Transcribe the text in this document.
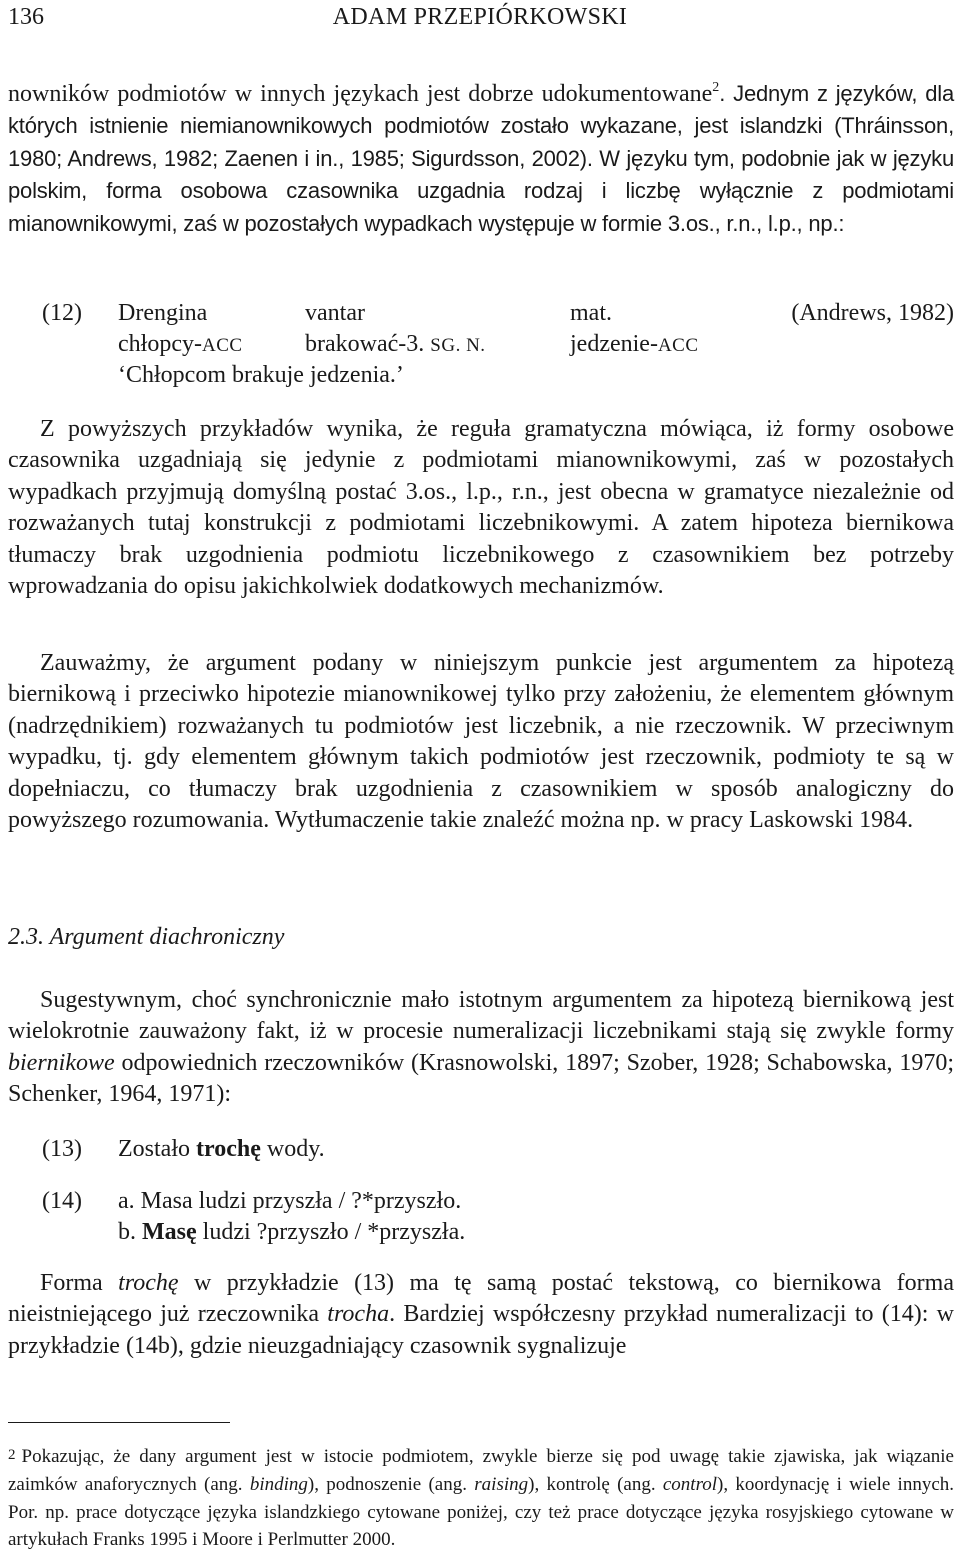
136	ADAM PRZEPIÓRKOWSKI
nowników podmiotów w innych językach jest dobrze udokumentowane$^2$. Jednym z języków, dla których istnienie niemianownikowych podmiotów zostało wykazane, jest islandzki (Thráinsson, 1980; Andrews, 1982; Zaenen i in., 1985; Sigurdsson, 2002). W języku tym, podobnie jak w języku polskim, forma osobowa czasownika uzgadnia rodzaj i liczbę wyłącznie z podmiotami mianownikowymi, zaś w pozostałych wypadkach występuje w formie 3.os., r.n., l.p., np.:
(12) Drengina	vantar	mat.	(Andrews, 1982)
chłopcy-ACC	brakować-3. SG. N.	jedzenie-ACC
‘Chłopcom brakuje jedzenia.’
Z powyższych przykładów wynika, że reguła gramatyczna mówiąca, iż formy osobowe czasownika uzgadniają się jedynie z podmiotami mianownikowymi, zaś w pozostałych wypadkach przyjmują domyślną postać 3.os., l.p., r.n., jest obecna w gramatyce niezależnie od rozważanych tutaj konstrukcji z podmiotami liczebnikowymi. A zatem hipoteza biernikowa tłumaczy brak uzgodnienia podmiotu liczebnikowego z czasownikiem bez potrzeby wprowadzania do opisu jakichkolwiek dodatkowych mechanizmów.
Zauważmy, że argument podany w niniejszym punkcie jest argumentem za hipotezą biernikową i przeciwko hipotezie mianownikowej tylko przy założeniu, że elementem głównym (nadrzędnikiem) rozważanych tu podmiotów jest liczebnik, a nie rzeczownik. W przeciwnym wypadku, tj. gdy elementem głównym takich podmiotów jest rzeczownik, podmioty te są w dopełniaczu, co tłumaczy brak uzgodnienia z czasownikiem w sposób analogiczny do powyższego rozumowania. Wytłumaczenie takie znaleźć można np. w pracy Laskowski 1984.
2.3. Argument diachroniczny
Sugestywnym, choć synchronicznie mało istotnym argumentem za hipotezą biernikową jest wielokrotnie zauważony fakt, iż w procesie numeralizacji liczebnikami stają się zwykle formy biernikowe odpowiednich rzeczowników (Krasnowolski, 1897; Szober, 1928; Schabowska, 1970; Schenker, 1964, 1971):
(13) Zostało trochę wody.
(14) a. Masa ludzi przyszła / ?*przyszło.
b. Masę ludzi ?przyszło / *przyszła.
Forma trochę w przykładzie (13) ma tę samą postać tekstową, co biernikowa forma nieistniejącego już rzeczownika trocha. Bardziej współczesny przykład numeralizacji to (14): w przykładzie (14b), gdzie nieuzgadniający czasownik sygnalizuje
2 Pokazując, że dany argument jest w istocie podmiotem, zwykle bierze się pod uwagę takie zjawiska, jak wiązanie zaimków anaforycznych (ang. binding), podnoszenie (ang. raising), kontrolę (ang. control), koordynację i wiele innych. Por. np. prace dotyczące języka islandzkiego cytowane poniżej, czy też prace dotyczące języka rosyjskiego cytowane w artykułach Franks 1995 i Moore i Perlmutter 2000.
